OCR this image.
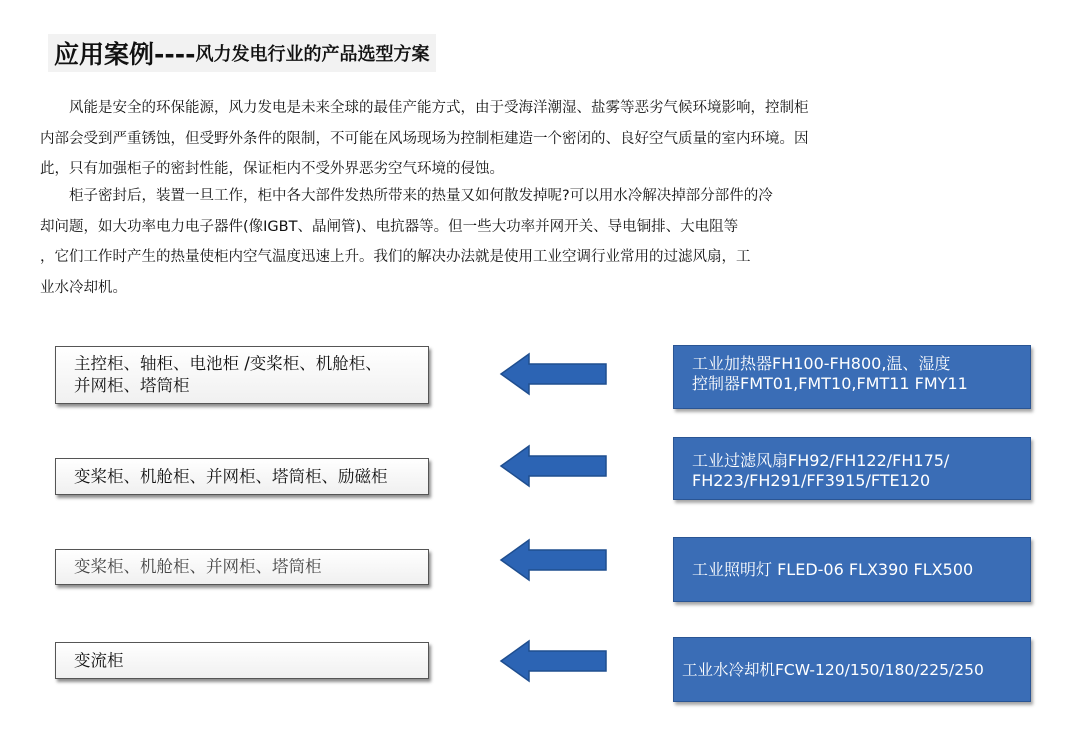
应用案例---- 风力发电行业的产品选型方案

　　风能是安全的环保能源，风力发电是未来全球的最佳产能方式，由于受海洋潮湿、盐雾等恶劣气候环境影响，控制柜
内部会受到严重锈蚀，但受野外条件的限制，不可能在风场现场为控制柜建造一个密闭的、良好空气质量的室内环境。因
此，只有加强柜子的密封性能，保证柜内不受外界恶劣空气环境的侵蚀。

　　柜子密封后，装置一旦工作，柜中各大部件发热所带来的热量又如何散发掉呢?可以用水冷解决掉部分部件的冷
却问题，如大功率电力电子器件(像IGBT、晶闸管)、电抗器等。但一些大功率并网开关、导电铜排、大电阻等
，它们工作时产生的热量使柜内空气温度迅速上升。我们的解决办法就是使用工业空调行业常用的过滤风扇，工
业水冷却机。

主控柜、轴柜、电池柜 /变桨柜、机舱柜、
并网柜、塔筒柜
工业加热器FH100-FH800,温、湿度
控制器FMT01,FMT10,FMT11 FMY11
变桨柜、机舱柜、并网柜、塔筒柜、励磁柜
工业过滤风扇FH92/FH122/FH175/
FH223/FH291/FF3915/FTE120
变桨柜、机舱柜、并网柜、塔筒柜	工业照明灯 FLED-06 FLX390 FLX500
变流柜	工业水冷却机FCW-120/150/180/225/250
